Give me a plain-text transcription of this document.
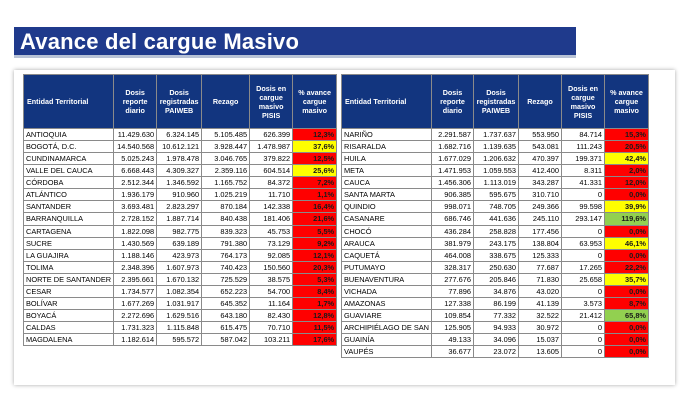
Avance del cargue Masivo
Entidad Territorial	Dosis reporte diario	Dosis registradas PAIWEB	Rezago	Dosis en cargue masivo PISIS	% avance cargue masivo
ANTIOQUIA	11.429.630	6.324.145	5.105.485	626.399	12,3%
BOGOTÁ, D.C.	14.540.568	10.612.121	3.928.447	1.478.987	37,6%
CUNDINAMARCA	5.025.243	1.978.478	3.046.765	379.822	12,5%
VALLE DEL CAUCA	6.668.443	4.309.327	2.359.116	604.514	25,6%
CÓRDOBA	2.512.344	1.346.592	1.165.752	84.372	7,2%
ATLÁNTICO	1.936.179	910.960	1.025.219	11.710	1,1%
SANTANDER	3.693.481	2.823.297	870.184	142.338	16,4%
BARRANQUILLA	2.728.152	1.887.714	840.438	181.406	21,6%
CARTAGENA	1.822.098	982.775	839.323	45.753	5,5%
SUCRE	1.430.569	639.189	791.380	73.129	9,2%
LA GUAJIRA	1.188.146	423.973	764.173	92.085	12,1%
TOLIMA	2.348.396	1.607.973	740.423	150.560	20,3%
NORTE DE SANTANDER	2.395.661	1.670.132	725.529	38.575	5,3%
CESAR	1.734.577	1.082.354	652.223	54.700	8,4%
BOLÍVAR	1.677.269	1.031.917	645.352	11.164	1,7%
BOYACÁ	2.272.696	1.629.516	643.180	82.430	12,8%
CALDAS	1.731.323	1.115.848	615.475	70.710	11,5%
MAGDALENA	1.182.614	595.572	587.042	103.211	17,6%
Entidad Territorial	Dosis reporte diario	Dosis registradas PAIWEB	Rezago	Dosis en cargue masivo PISIS	% avance cargue masivo
NARIÑO	2.291.587	1.737.637	553.950	84.714	15,3%
RISARALDA	1.682.716	1.139.635	543.081	111.243	20,5%
HUILA	1.677.029	1.206.632	470.397	199.371	42,4%
META	1.471.953	1.059.553	412.400	8.311	2,0%
CAUCA	1.456.306	1.113.019	343.287	41.331	12,0%
SANTA MARTA	906.385	595.675	310.710	0	0,0%
QUINDIO	998.071	748.705	249.366	99.598	39,9%
CASANARE	686.746	441.636	245.110	293.147	119,6%
CHOCÓ	436.284	258.828	177.456	0	0,0%
ARAUCA	381.979	243.175	138.804	63.953	46,1%
CAQUETÁ	464.008	338.675	125.333	0	0,0%
PUTUMAYO	328.317	250.630	77.687	17.265	22,2%
BUENAVENTURA	277.676	205.846	71.830	25.658	35,7%
VICHADA	77.896	34.876	43.020	0	0,0%
AMAZONAS	127.338	86.199	41.139	3.573	8,7%
GUAVIARE	109.854	77.332	32.522	21.412	65,8%
ARCHIPIÉLAGO DE SAN	125.905	94.933	30.972	0	0,0%
GUAINÍA	49.133	34.096	15.037	0	0,0%
VAUPÉS	36.677	23.072	13.605	0	0,0%
